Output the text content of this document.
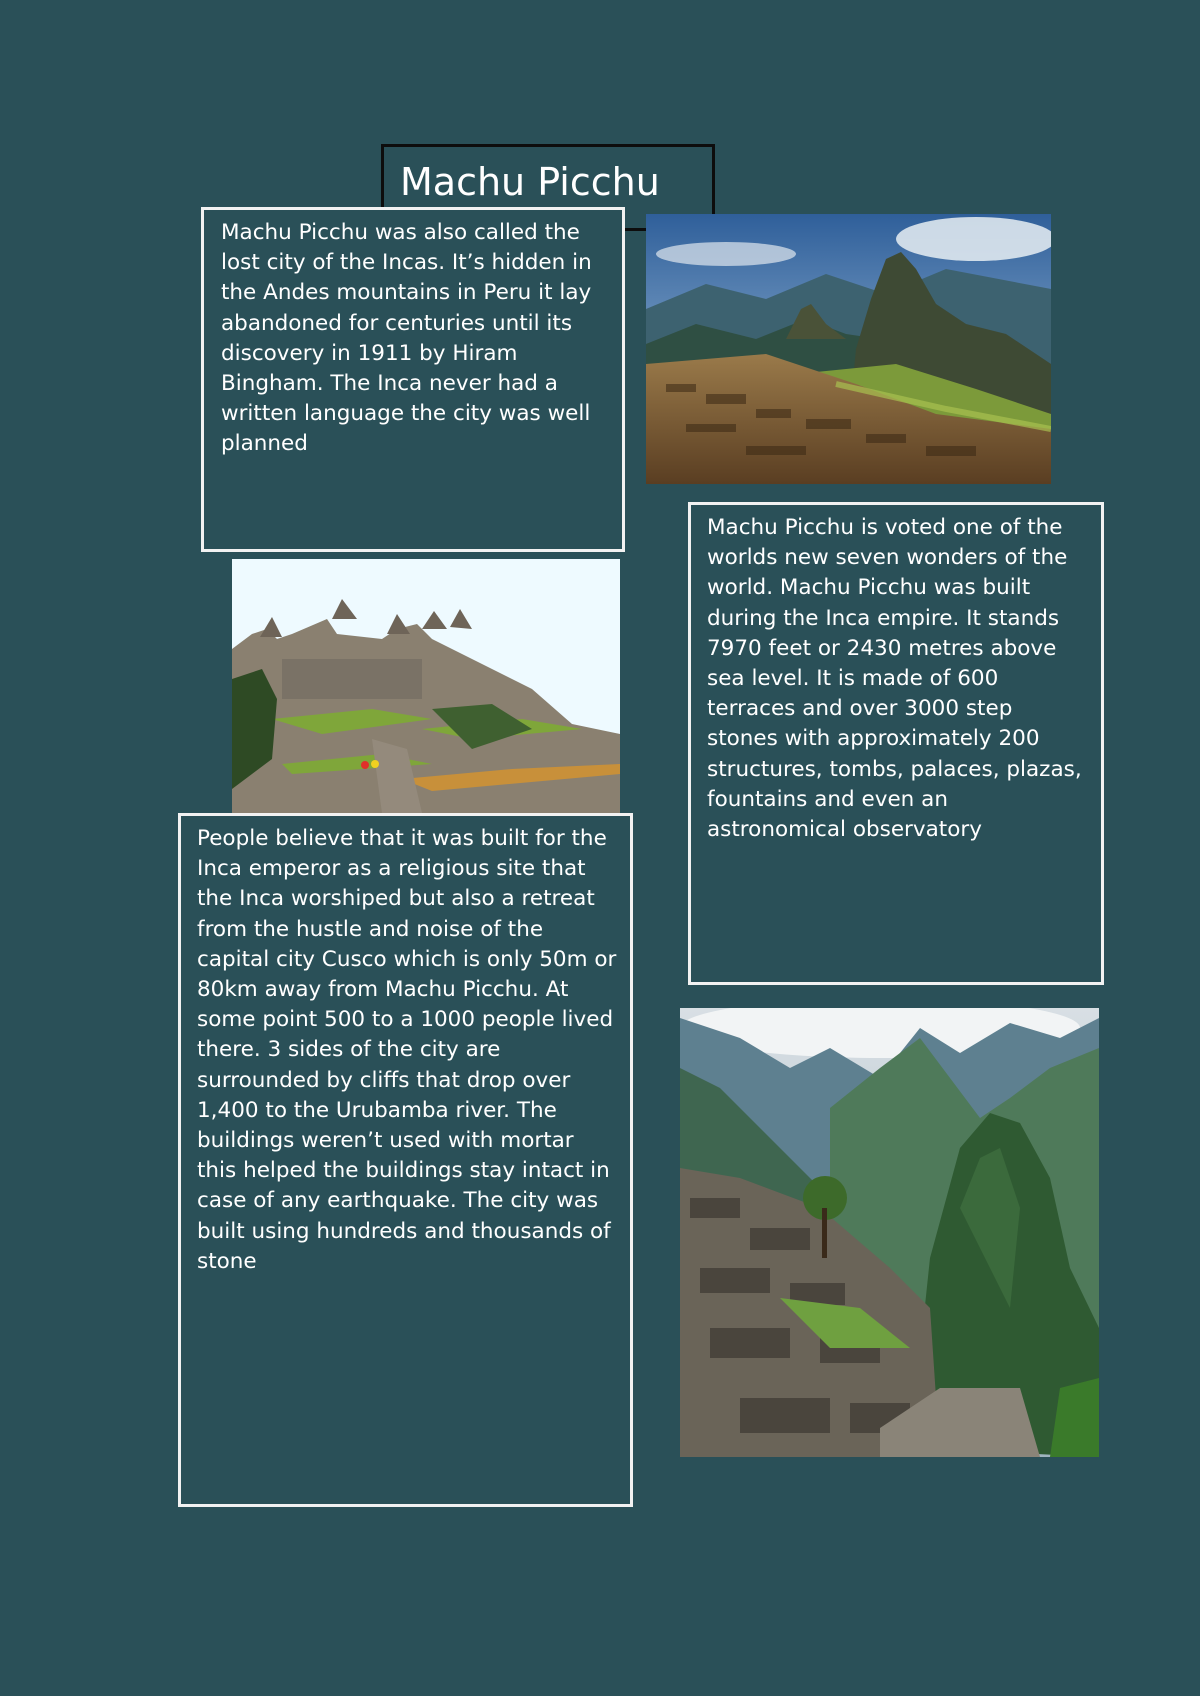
Machu Picchu
Machu Picchu was also called the lost city of the Incas. It’s hidden in the Andes mountains in Peru it lay abandoned for centuries until its discovery in 1911 by Hiram Bingham. The Inca never had a written language the city was well planned
Machu Picchu is voted one of the worlds new seven wonders of the world. Machu Picchu was built during the Inca empire. It stands 7970 feet or 2430 metres above sea level. It is made of 600 terraces and over 3000 step stones with approximately 200 structures, tombs, palaces, plazas, fountains and even an astronomical observatory
People believe that it was built for the Inca emperor as a religious site that the Inca worshiped but also a retreat from the hustle and noise of the capital city Cusco which is only 50m or 80km away from Machu Picchu. At some point 500 to a 1000 people lived there. 3 sides of the city are surrounded by cliffs that drop over 1,400 to the Urubamba river. The buildings weren’t used with mortar this helped the buildings stay intact in case of any earthquake. The city was built using hundreds and thousands of stone
